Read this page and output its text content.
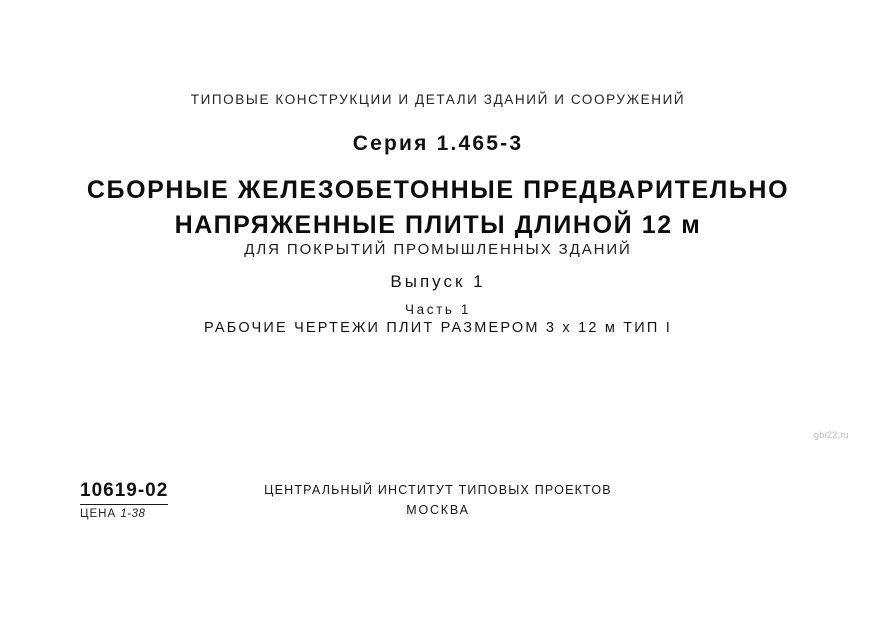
ТИПОВЫЕ КОНСТРУКЦИИ И ДЕТАЛИ ЗДАНИЙ И СООРУЖЕНИЙ
Серия 1.465-3
СБОРНЫЕ ЖЕЛЕЗОБЕТОННЫЕ ПРЕДВАРИТЕЛЬНО
НАПРЯЖЕННЫЕ ПЛИТЫ ДЛИНОЙ 12 м
ДЛЯ ПОКРЫТИЙ ПРОМЫШЛЕННЫХ ЗДАНИЙ
Выпуск 1
Часть 1
РАБОЧИЕ ЧЕРТЕЖИ ПЛИТ РАЗМЕРОМ 3 х 12 м ТИП I
gbi22.ru
10619-02
ЦЕНА 1-38
ЦЕНТРАЛЬНЫЙ ИНСТИТУТ ТИПОВЫХ ПРОЕКТОВ
МОСКВА
